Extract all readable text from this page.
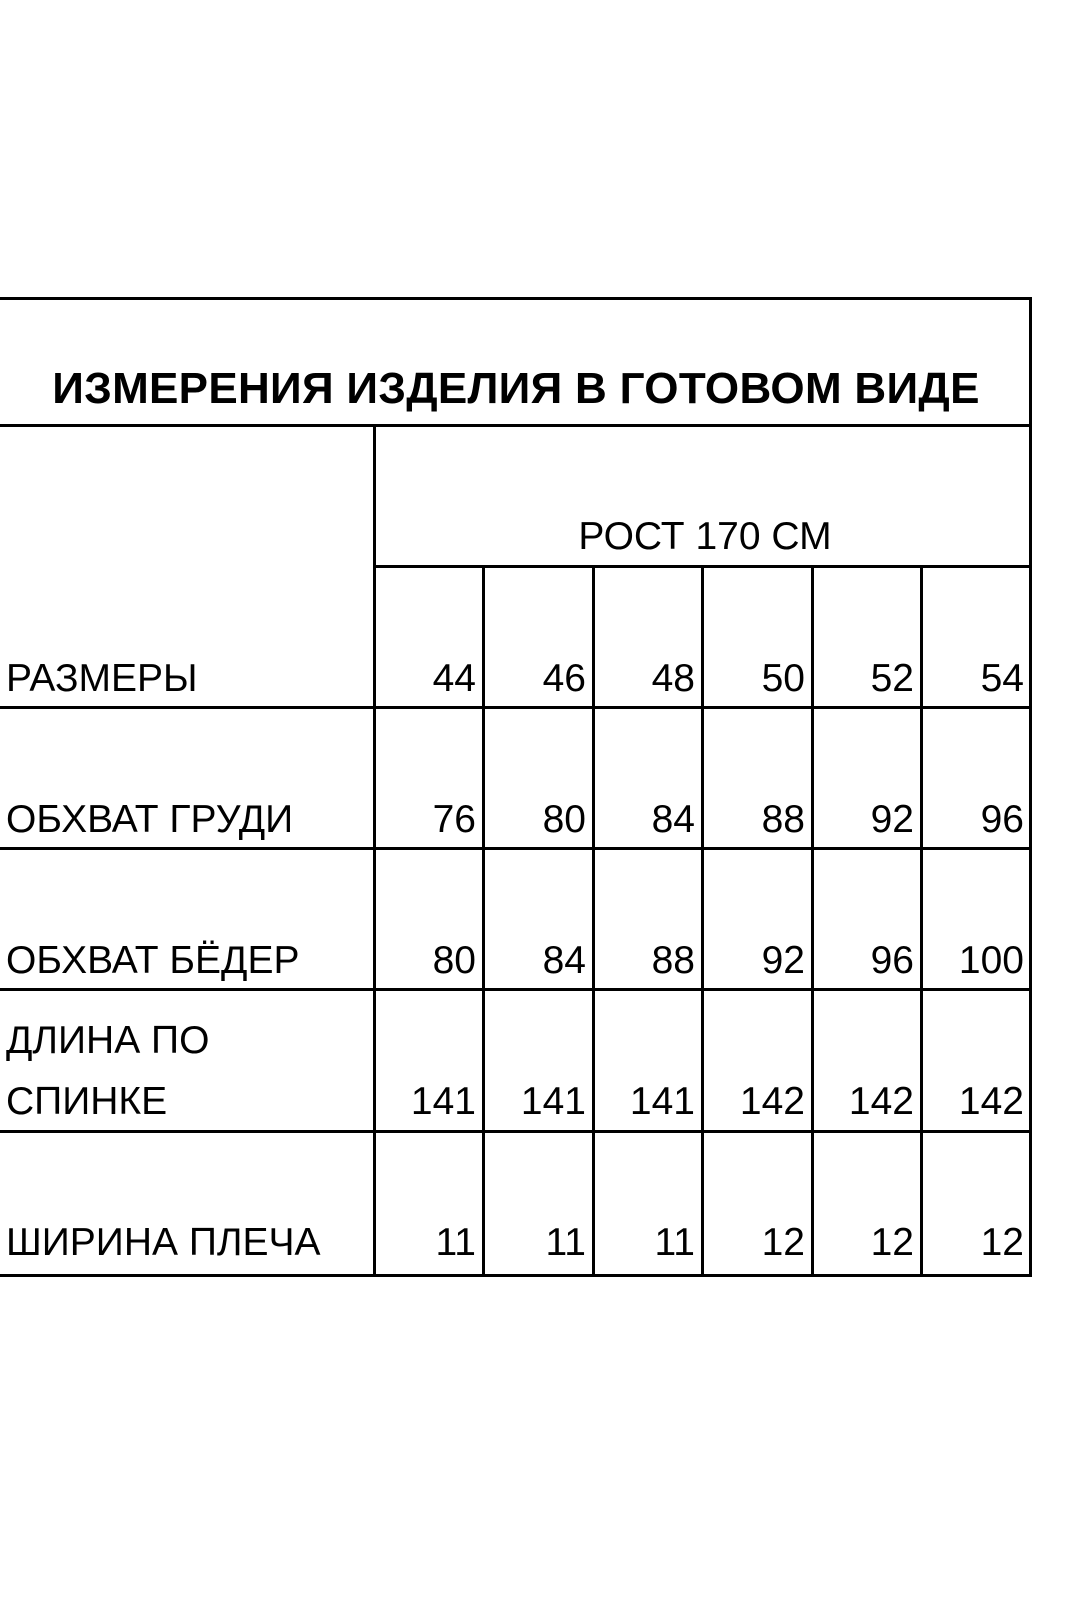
ИЗМЕРЕНИЯ ИЗДЕЛИЯ В ГОТОВОМ ВИДЕ
РОСТ 170 СМ
РАЗМЕРЫ	44	46	48	50	52	54
ОБХВАТ ГРУДИ	76	80	84	88	92	96
ОБХВАТ БЁДЕР	80	84	88	92	96	100
ДЛИНА ПО
СПИНКЕ	141	141	141	142	142	142
ШИРИНА ПЛЕЧА	11	11	11	12	12	12
